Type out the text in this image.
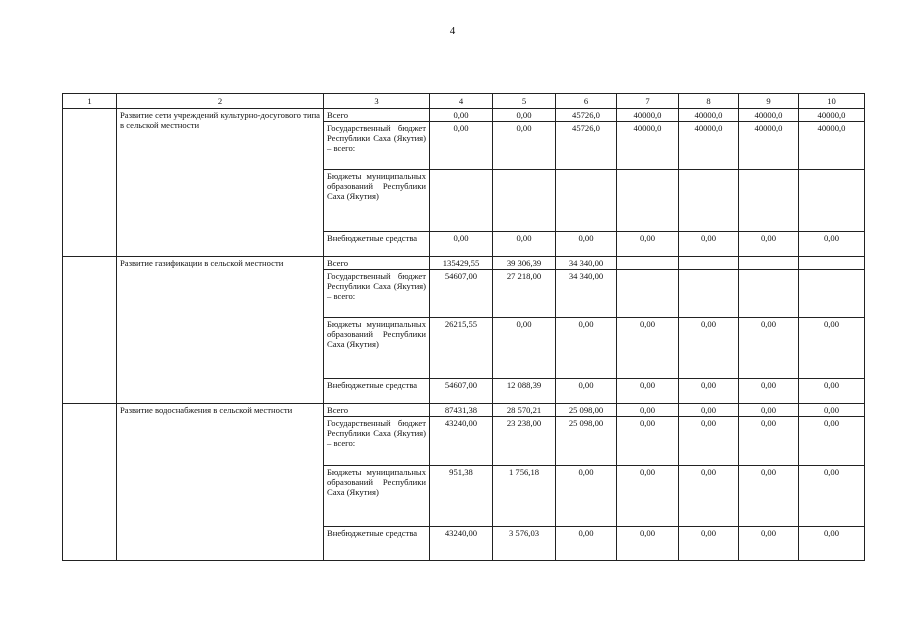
4
1	2	3	4	5	6	7	8	9	10
	Развитие сети учреждений культурно-досугового типа в сельской местности	Всего	0,00	0,00	45726,0	40000,0	40000,0	40000,0	40000,0
		Государственный бюджет Республики Саха (Якутия) – всего:	0,00	0,00	45726,0	40000,0	40000,0	40000,0	40000,0
		Бюджеты муниципальных образований Республики Саха (Якутия)							
		Внебюджетные средства	0,00	0,00	0,00	0,00	0,00	0,00	0,00
	Развитие газификации в сельской местности	Всего	135429,55	39 306,39	34 340,00				
		Государственный бюджет Республики Саха (Якутия) – всего:	54607,00	27 218,00	34 340,00				
		Бюджеты муниципальных образований Республики Саха (Якутия)	26215,55	0,00	0,00	0,00	0,00	0,00	0,00
		Внебюджетные средства	54607,00	12 088,39	0,00	0,00	0,00	0,00	0,00
	Развитие водоснабжения в сельской местности	Всего	87431,38	28 570,21	25 098,00	0,00	0,00	0,00	0,00
		Государственный бюджет Республики Саха (Якутия) – всего:	43240,00	23 238,00	25 098,00	0,00	0,00	0,00	0,00
		Бюджеты муниципальных образований Республики Саха (Якутия)	951,38	1 756,18	0,00	0,00	0,00	0,00	0,00
		Внебюджетные средства	43240,00	3 576,03	0,00	0,00	0,00	0,00	0,00
